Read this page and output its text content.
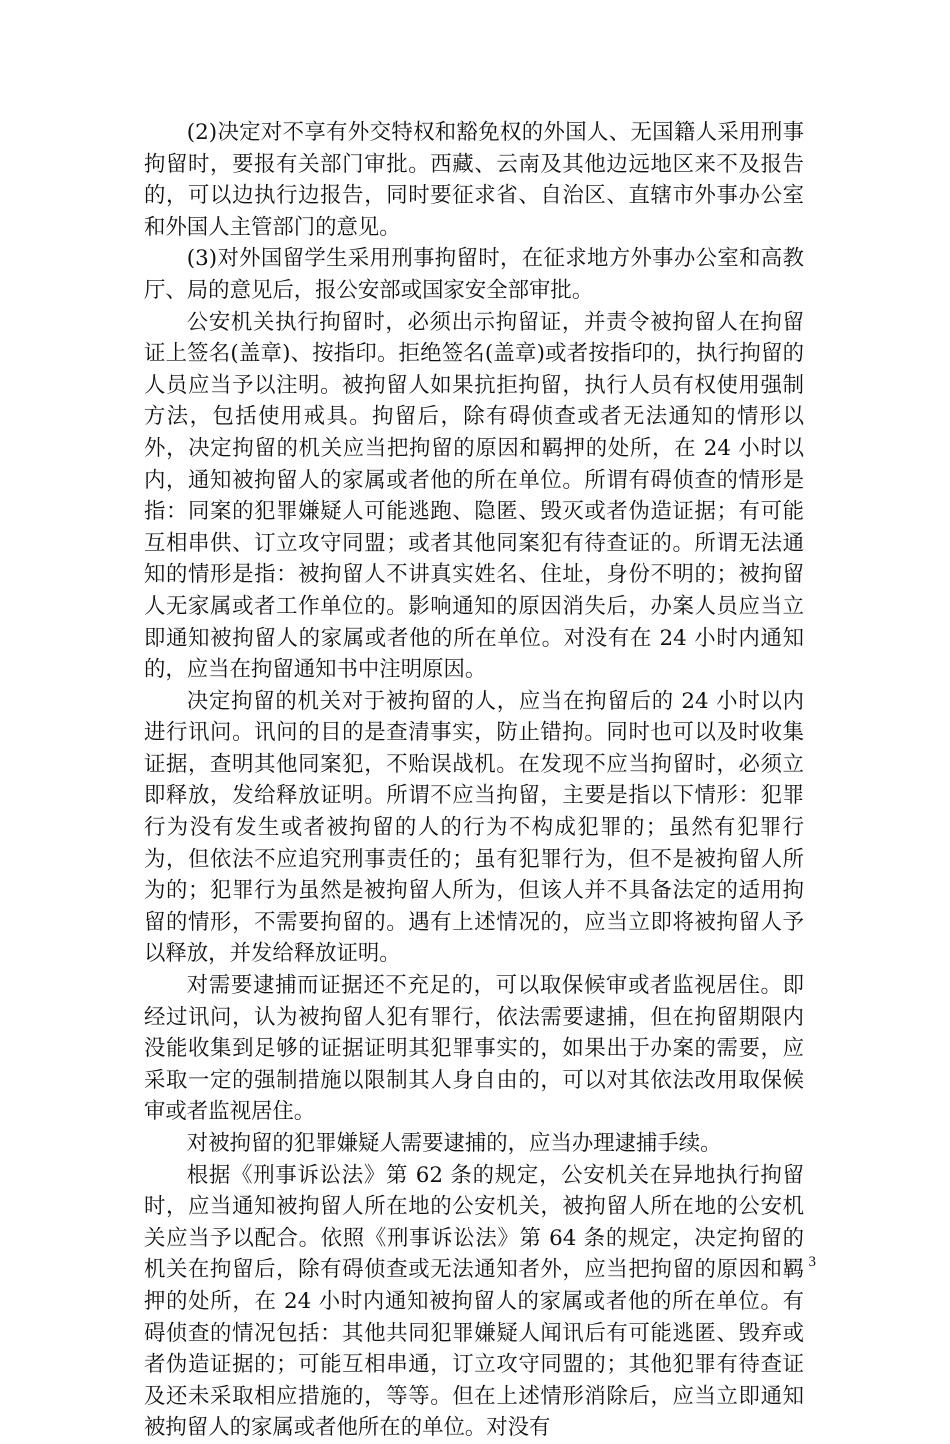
(2)决定对不享有外交特权和豁免权的外国人、无国籍人采用刑事拘留时，要报有关部门审批。西藏、云南及其他边远地区来不及报告的，可以边执行边报告，同时要征求省、自治区、直辖市外事办公室和外国人主管部门的意见。

(3)对外国留学生采用刑事拘留时，在征求地方外事办公室和高教厅、局的意见后，报公安部或国家安全部审批。

公安机关执行拘留时，必须出示拘留证，并责令被拘留人在拘留证上签名(盖章)、按指印。拒绝签名(盖章)或者按指印的，执行拘留的人员应当予以注明。被拘留人如果抗拒拘留，执行人员有权使用强制方法，包括使用戒具。拘留后，除有碍侦查或者无法通知的情形以外，决定拘留的机关应当把拘留的原因和羁押的处所，在 24 小时以内，通知被拘留人的家属或者他的所在单位。所谓有碍侦查的情形是指：同案的犯罪嫌疑人可能逃跑、隐匿、毁灭或者伪造证据；有可能互相串供、订立攻守同盟；或者其他同案犯有待查证的。所谓无法通知的情形是指：被拘留人不讲真实姓名、住址，身份不明的；被拘留人无家属或者工作单位的。影响通知的原因消失后，办案人员应当立即通知被拘留人的家属或者他的所在单位。对没有在 24 小时内通知的，应当在拘留通知书中注明原因。

决定拘留的机关对于被拘留的人，应当在拘留后的 24 小时以内进行讯问。讯问的目的是查清事实，防止错拘。同时也可以及时收集证据，查明其他同案犯，不贻误战机。在发现不应当拘留时，必须立即释放，发给释放证明。所谓不应当拘留，主要是指以下情形：犯罪行为没有发生或者被拘留的人的行为不构成犯罪的；虽然有犯罪行为，但依法不应追究刑事责任的；虽有犯罪行为，但不是被拘留人所为的；犯罪行为虽然是被拘留人所为，但该人并不具备法定的适用拘留的情形，不需要拘留的。遇有上述情况的，应当立即将被拘留人予以释放，并发给释放证明。

对需要逮捕而证据还不充足的，可以取保候审或者监视居住。即经过讯问，认为被拘留人犯有罪行，依法需要逮捕，但在拘留期限内没能收集到足够的证据证明其犯罪事实的，如果出于办案的需要，应采取一定的强制措施以限制其人身自由的，可以对其依法改用取保候审或者监视居住。

对被拘留的犯罪嫌疑人需要逮捕的，应当办理逮捕手续。

根据《刑事诉讼法》第 62 条的规定，公安机关在异地执行拘留时，应当通知被拘留人所在地的公安机关，被拘留人所在地的公安机关应当予以配合。依照《刑事诉讼法》第 64 条的规定，决定拘留的机关在拘留后，除有碍侦查或无法通知者外，应当把拘留的原因和羁押的处所，在 24 小时内通知被拘留人的家属或者他的所在单位。有碍侦查的情况包括：其他共同犯罪嫌疑人闻讯后有可能逃匿、毁弃或者伪造证据的；可能互相串通，订立攻守同盟的；其他犯罪有待查证及还未采取相应措施的，等等。但在上述情形消除后，应当立即通知被拘留人的家属或者他所在的单位。对没有

3
